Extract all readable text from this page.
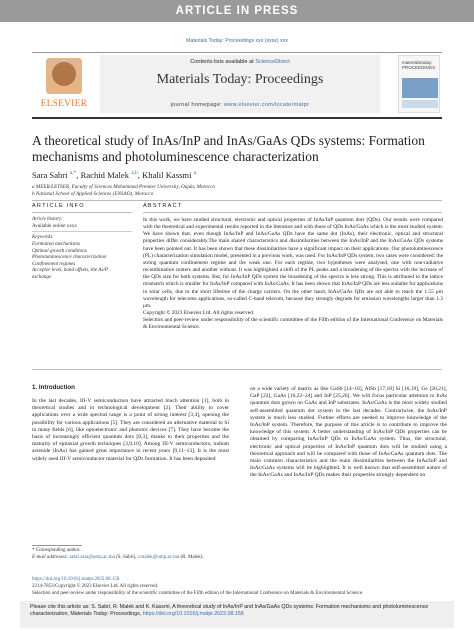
ARTICLE IN PRESS
Materials Today: Proceedings xxx (xxxx) xxx
ELSEVIER
Contents lists available at ScienceDirect
Materials Today: Proceedings
journal homepage: www.elsevier.com/locate/matpr
materialstoday: PROCEEDINGS
A theoretical study of InAs/InP and InAs/GaAs QDs systems: Formation mechanisms and photoluminescence characterization
Sara Sabri $^{a,*}$, Rachid Malek $^{a,b}$, Khalil Kassmi $^a$
a MEER/LETSER, Faculty of Sciences Mohammed Premier University, Oujda, Morocco
b National School of Applied Sciences (ENSAO), Morocco
ARTICLE INFO	ABSTRACT
Article history:
Available online xxxx
Keywords:
Formation mechanisms
Optimal growth conditions
Photoluminescence characterization
Confinement regimes
Acceptor level, band offsets, the As/P
exchange
In this work, we have studied structural, electronic and optical properties of InAs/InP quantum dots (QDs). Our results were compared with the theoretical and experimental results reported in the literature and with those of QDs InAs/GaAs which is the most studied system. We have shown that, even though InAs/InP and InAs/GaAs QDs have the same dot (InAs), their electronic, optical and structural properties differ considerably.The main shared characteristics and dissimilarities between the InAs/InP and the InAs/GaAs QDs systems have been pointed out. It has been shown that these dissimilarities have a significant impact on their applications. Our photoluminescence (PL) characterization simulation model, presented in a previous work, was used. For InAs/InP QDs system, two cases were considered: the strong quantum confinement regime and the weak one. For each regime, two hypotheses were analysed, one with non-radiative recombination centers and another without. It was highlighted a shift of the PL peaks and a broadening of the spectra with the increase of the QDs size for both systems. But, for InAs/InP QDs system the broadening of the spectra is less strong. This is attributed to the lattice mismatch which is smaller for InAs/InP compared with InAs/GaAs. It has been shown that InAs/InP QDs are less suitable for applications in solar cells, due to the short lifetime of the charge carriers. On the other hand, InAs/GaAs QDs are not able to reach the 1.55 μm wavelength for telecoms applications, so-called C-band telecom, because they strongly degrade for emission wavelengths larger than 1.3 μm.
Copyright © 2023 Elsevier Ltd. All rights reserved.
Selection and peer-review under responsibility of the scientific committee of the Fifth edition of the International Conference on Materials & Environmental Science.
1. Introduction
In the last decades, III-V semiconductors have attracted much attention [1], both in theoretical studies and in technological development [2]. Their ability to cover applications over a wide spectral range is a point of strong interest [3,4], opening the possibility for various applications [5]. They are considered an alternative material to Si in many fields [6], like optoelectronic and photonic devices [7]. They have become the basis of increasingly efficient quantum dots [8,3], thanks to their properties and the maturity of epitaxial growth techniques [3,9,10]. Among III-V semiconductors, indium arsenide (InAs) has gained great importance in recent years [9,11–13]. It is the most widely used III-V semiconductor material for QDs formation. It has been deposited
on a wide variety of matrix as like GaSb [14–16], AlSb [17,18] Si [16,19], Ge [20,21], GaP [22], GaAs [16,22–24] and InP [25,26]. We will focus particular attention to InAs quantum dots grown on GaAs and InP substrates. InAs/GaAs is the most widely studied self-assembled quantum dot system in the last decades. Contrariwise, the InAs/InP system is much less studied. Further efforts are needed to improve knowledge of the InAs/InP system. Therefore, the purpose of this article is to contribute to improve the knowledge of this system. A better understanding of InAs/InP QDs properties can be obtained by comparing InAs/InP QDs to InAs/GaAs system. Thus, the structural, electronic and optical properties of InAs/InP quantum dots will be studied using a theoretical approach and will be compared with those of InAs/GaAs quantum dots. The main common characteristics and the main dissimilarities between the InAs/InP and InAs/GaAs systems will be highlighted. It is well known that self-assembled nature of the InAs/GaAs and InAs/InP QDs makes their properties strongly dependent on
* Corresponding author.
E-mail addresses: sabri.sara@ump.ac.ma (S. Sabri), r.malek@ump.ac.ma (R. Malek).
https://doi.org/10.1016/j.matpr.2022.08.158
2214-7853/Copyright © 2023 Elsevier Ltd. All rights reserved.
Selection and peer-review under responsibility of the scientific committee of the Fifth edition of the International Conference on Materials & Environmental Science.
Please cite this article as: S. Sabri, R. Malek and K. Kassmi, A theoretical study of InAs/InP and InAs/GaAs QDs systems: Formation mechanisms and photoluminescence characterization, Materials Today: Proceedings, https://doi.org/10.1016/j.matpr.2022.08.158
